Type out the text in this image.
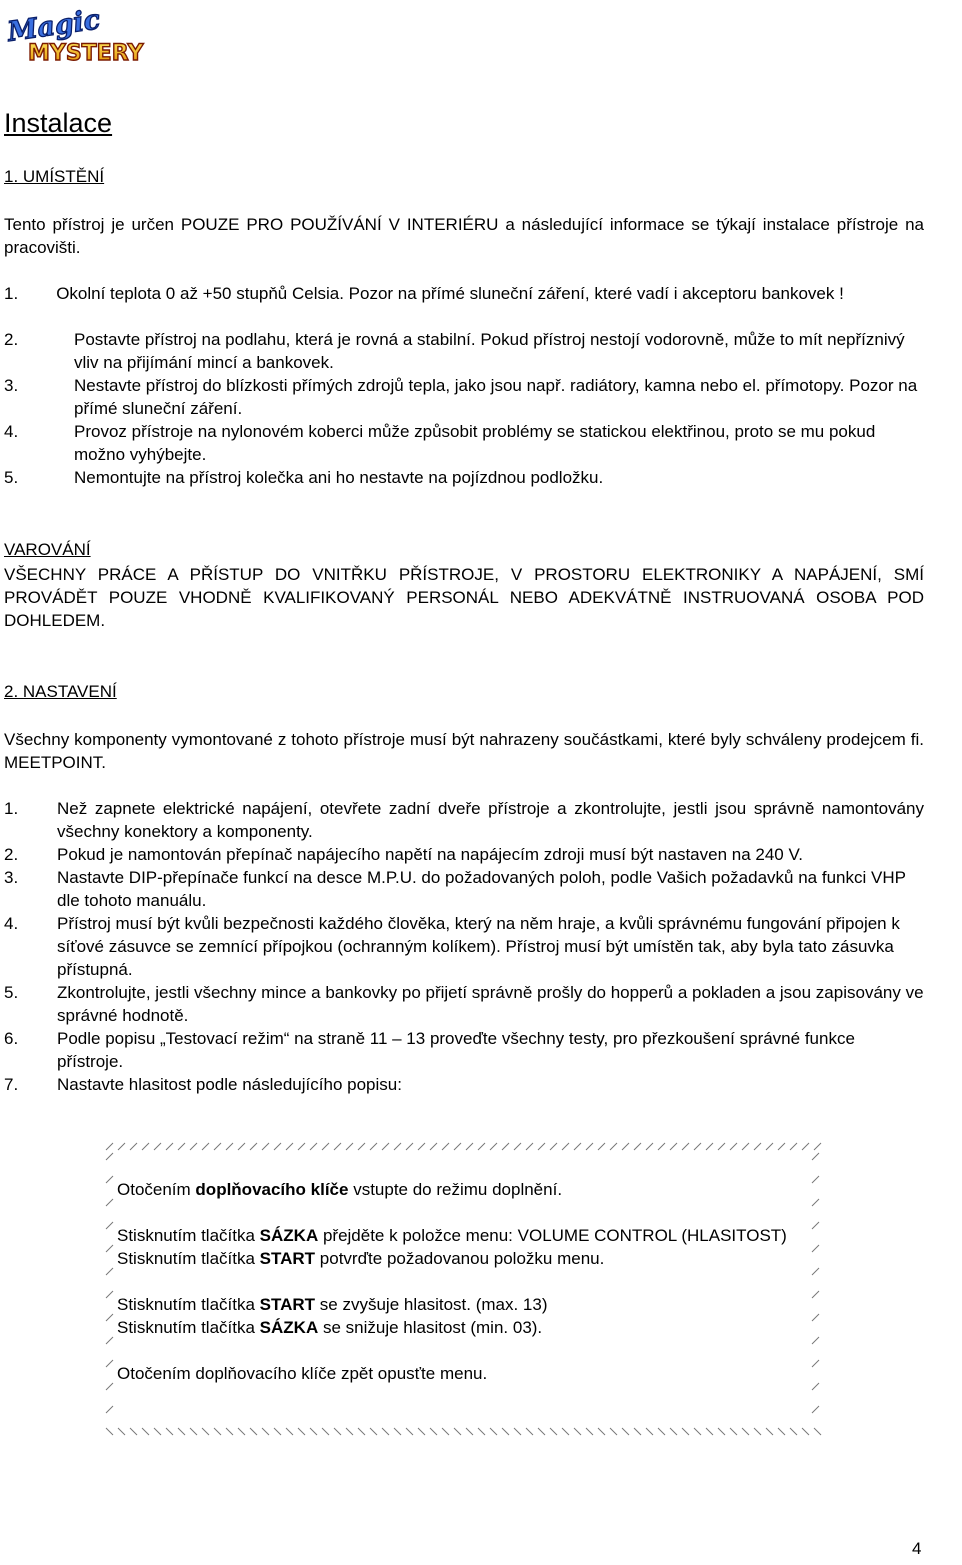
Magic
MYSTERY
Instalace
1. UMÍSTĚNÍ

Tento přístroj je určen POUZE PRO POUŽÍVÁNÍ V INTERIÉRU a následující informace se týkají instalace přístroje na pracovišti.

1. Okolní teplota 0 až +50 stupňů Celsia. Pozor na přímé sluneční záření, které vadí i akceptoru bankovek !
2.	Postavte přístroj na podlahu, která je rovná a stabilní. Pokud přístroj nestojí vodorovně, může to mít nepříznivý vliv na přijímání mincí a bankovek.
3.	Nestavte přístroj do blízkosti přímých zdrojů tepla, jako jsou např. radiátory, kamna nebo el. přímotopy. Pozor na přímé sluneční záření.
4.	Provoz přístroje na nylonovém koberci může způsobit problémy se statickou elektřinou, proto se mu pokud možno vyhýbejte.
5.	Nemontujte na přístroj kolečka ani ho nestavte na pojízdnou podložku.
VAROVÁNÍ

VŠECHNY PRÁCE A PŘÍSTUP DO VNITŘKU PŘÍSTROJE, V PROSTORU ELEKTRONIKY A NAPÁJENÍ, SMÍ PROVÁDĚT POUZE VHODNĚ KVALIFIKOVANÝ PERSONÁL NEBO ADEKVÁTNĚ INSTRUOVANÁ OSOBA POD DOHLEDEM.

2. NASTAVENÍ

Všechny komponenty vymontované z tohoto přístroje musí být nahrazeny součástkami, které byly schváleny prodejcem fi. MEETPOINT.

1. Než zapnete elektrické napájení, otevřete zadní dveře přístroje a zkontrolujte, jestli jsou správně namontovány všechny konektory a komponenty.
2. Pokud je namontován přepínač napájecího napětí na napájecím zdroji musí být nastaven na 240 V.
3. Nastavte DIP-přepínače funkcí na desce M.P.U. do požadovaných poloh, podle Vašich požadavků na funkci VHP dle tohoto manuálu.
4. Přístroj musí být kvůli bezpečnosti každého člověka, který na něm hraje, a kvůli správnému fungování připojen k síťové zásuvce se zemnící přípojkou (ochranným kolíkem). Přístroj musí být umístěn tak, aby byla tato zásuvka přístupná.
5. Zkontrolujte, jestli všechny mince a bankovky po přijetí správně prošly do hopperů a pokladen a jsou zapisovány ve správné hodnotě.
6. Podle popisu „Testovací režim“ na straně 11 – 13 proveďte všechny testy, pro přezkoušení správné funkce přístroje.
7. Nastavte hlasitost podle následujícího popisu:

Otočením doplňovacího klíče vstupte do režimu doplnění.

Stisknutím tlačítka SÁZKA přejděte k položce menu: VOLUME CONTROL (HLASITOST)

Stisknutím tlačítka START potvrďte požadovanou položku menu.

Stisknutím tlačítka START se zvyšuje hlasitost. (max. 13)

Stisknutím tlačítka SÁZKA se snižuje hlasitost (min. 03).

Otočením doplňovacího klíče zpět opusťte menu.

4
